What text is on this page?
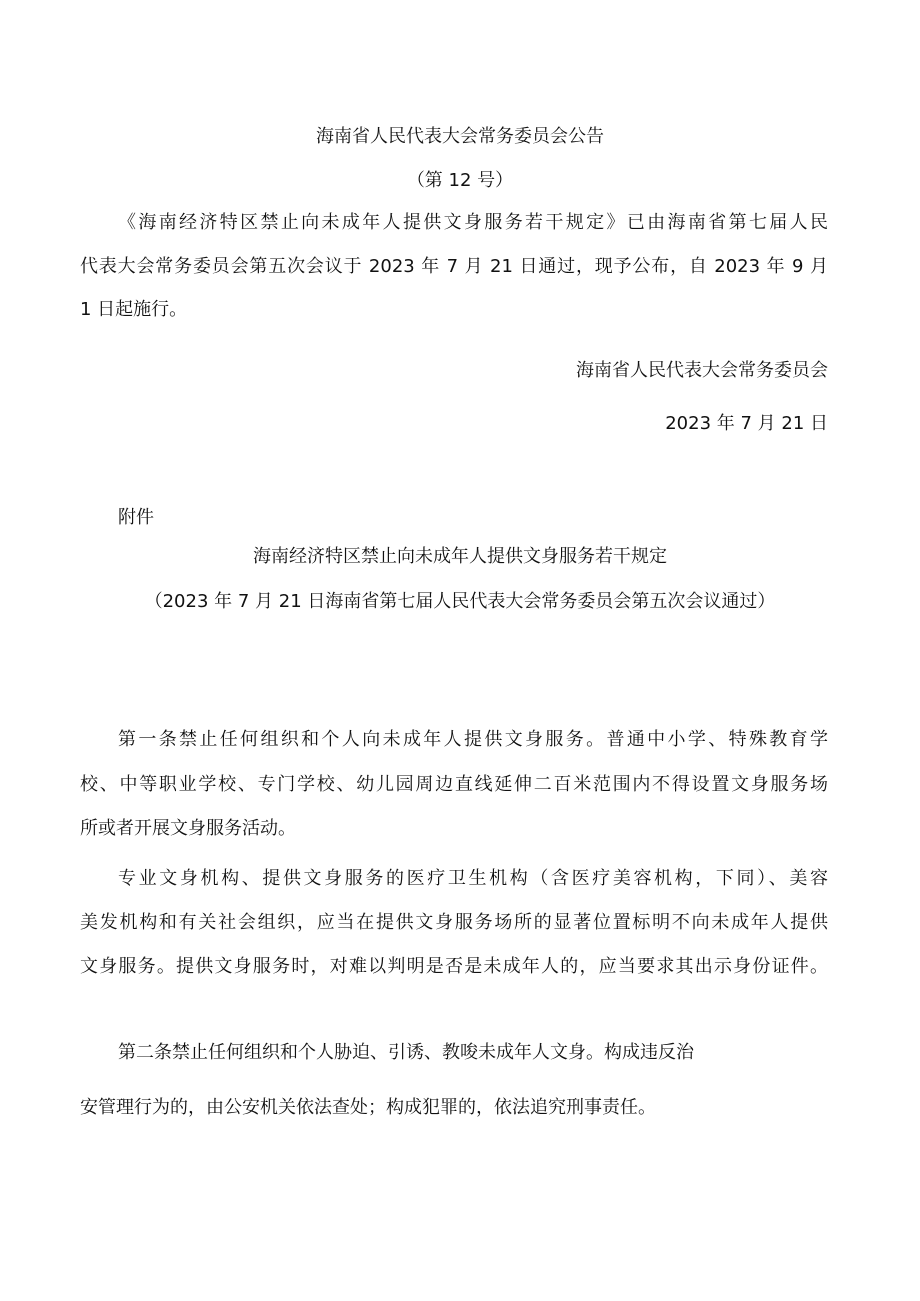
海南省人民代表大会常务委员会公告
（第 12 号）
《海南经济特区禁止向未成年人提供文身服务若干规定》已由海南省第七届人民
代表大会常务委员会第五次会议于 2023 年 7 月 21 日通过，现予公布，自 2023 年 9 月
1 日起施行。
海南省人民代表大会常务委员会
2023 年 7 月 21 日
附件
海南经济特区禁止向未成年人提供文身服务若干规定
（2023 年 7 月 21 日海南省第七届人民代表大会常务委员会第五次会议通过）
第一条禁止任何组织和个人向未成年人提供文身服务。普通中小学、特殊教育学
校、中等职业学校、专门学校、幼儿园周边直线延伸二百米范围内不得设置文身服务场
所或者开展文身服务活动。
专业文身机构、提供文身服务的医疗卫生机构（含医疗美容机构，下同）、美容
美发机构和有关社会组织，应当在提供文身服务场所的显著位置标明不向未成年人提供
文身服务。提供文身服务时，对难以判明是否是未成年人的，应当要求其出示身份证件。
第二条禁止任何组织和个人胁迫、引诱、教唆未成年人文身。构成违反治
安管理行为的，由公安机关依法查处；构成犯罪的，依法追究刑事责任。
